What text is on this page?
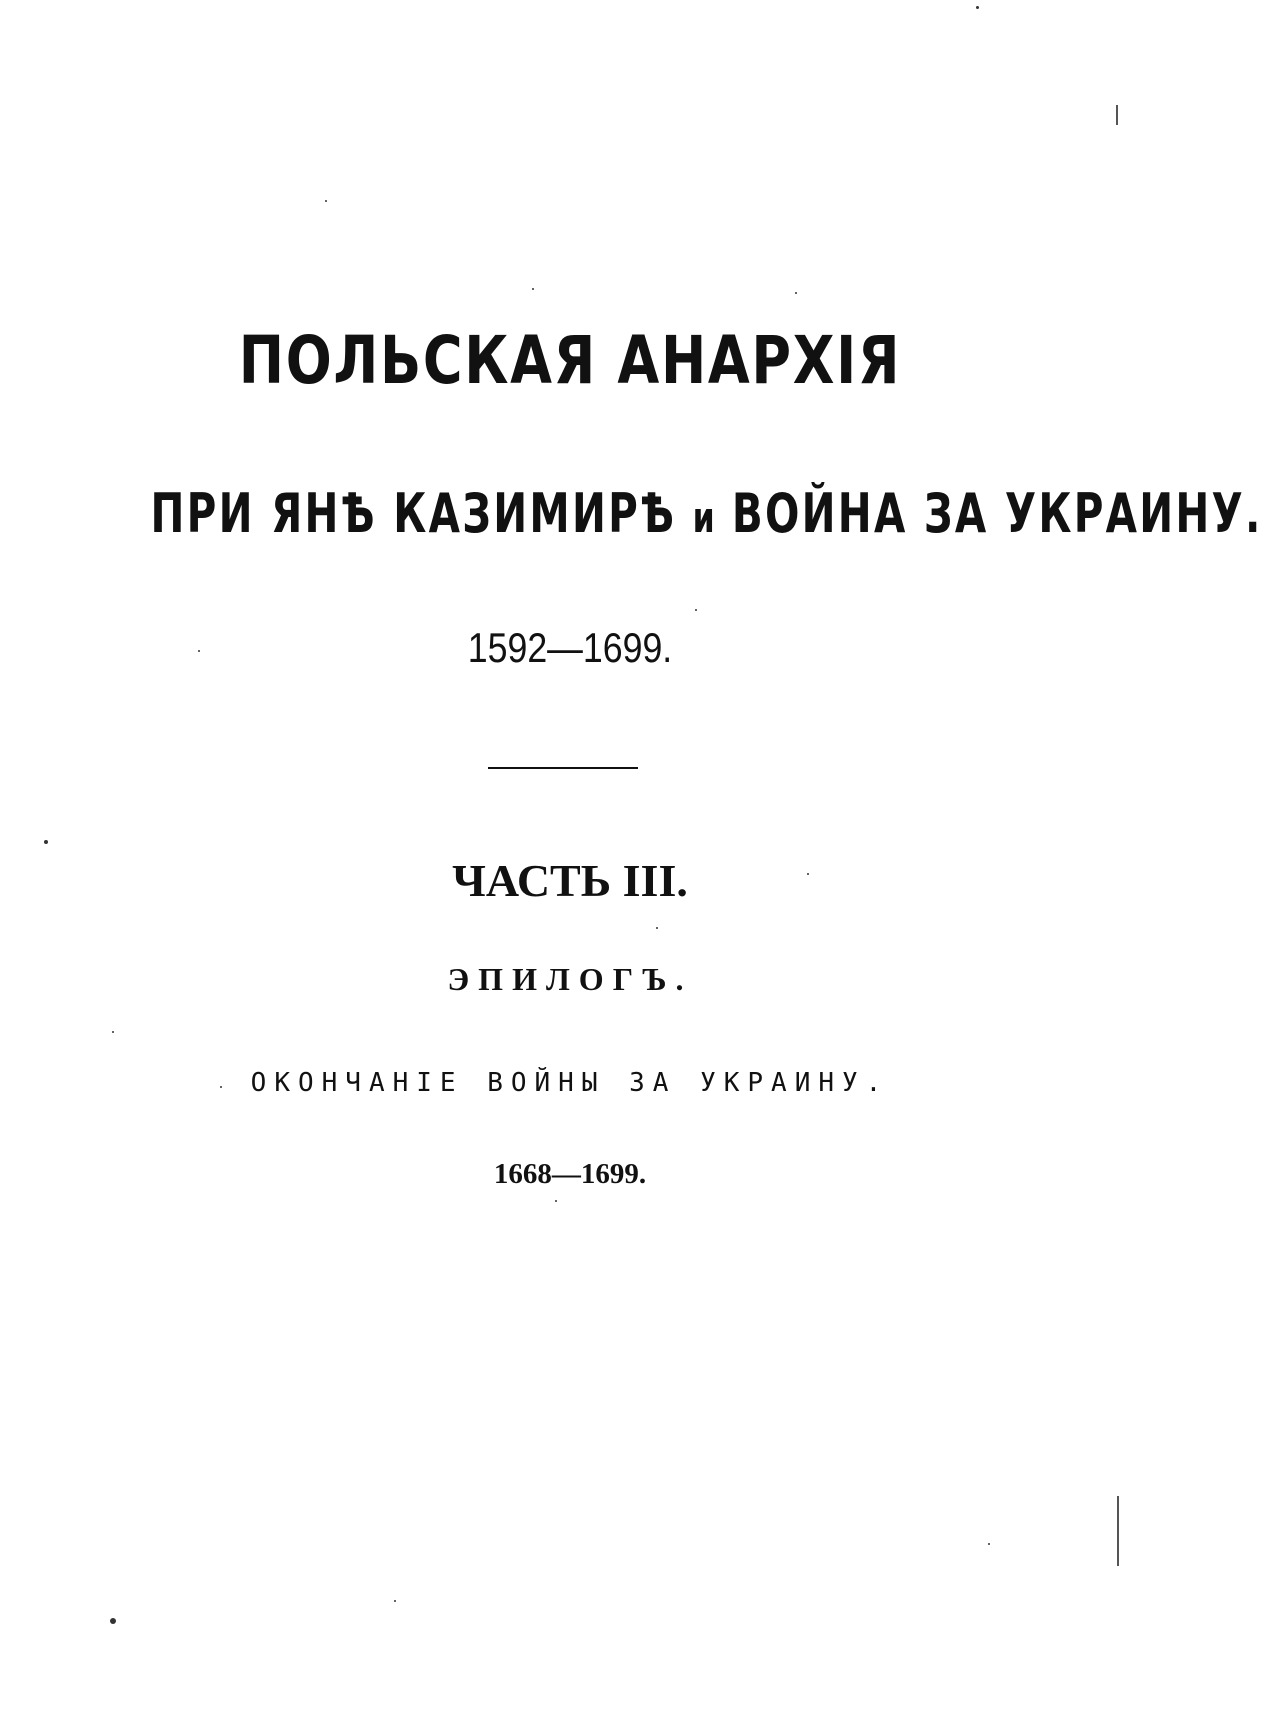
ПОЛЬСКАЯ АНАРХІЯ

ПРИ ЯНѢ КАЗИМИРѢ и ВОЙНА ЗА УКРАИНУ.

1592—1699.

ЧАСТЬ III.

ЭПИЛОГЪ.

ОКОНЧАНІЕ ВОЙНЫ ЗА УКРАИНУ.

1668—1699.
